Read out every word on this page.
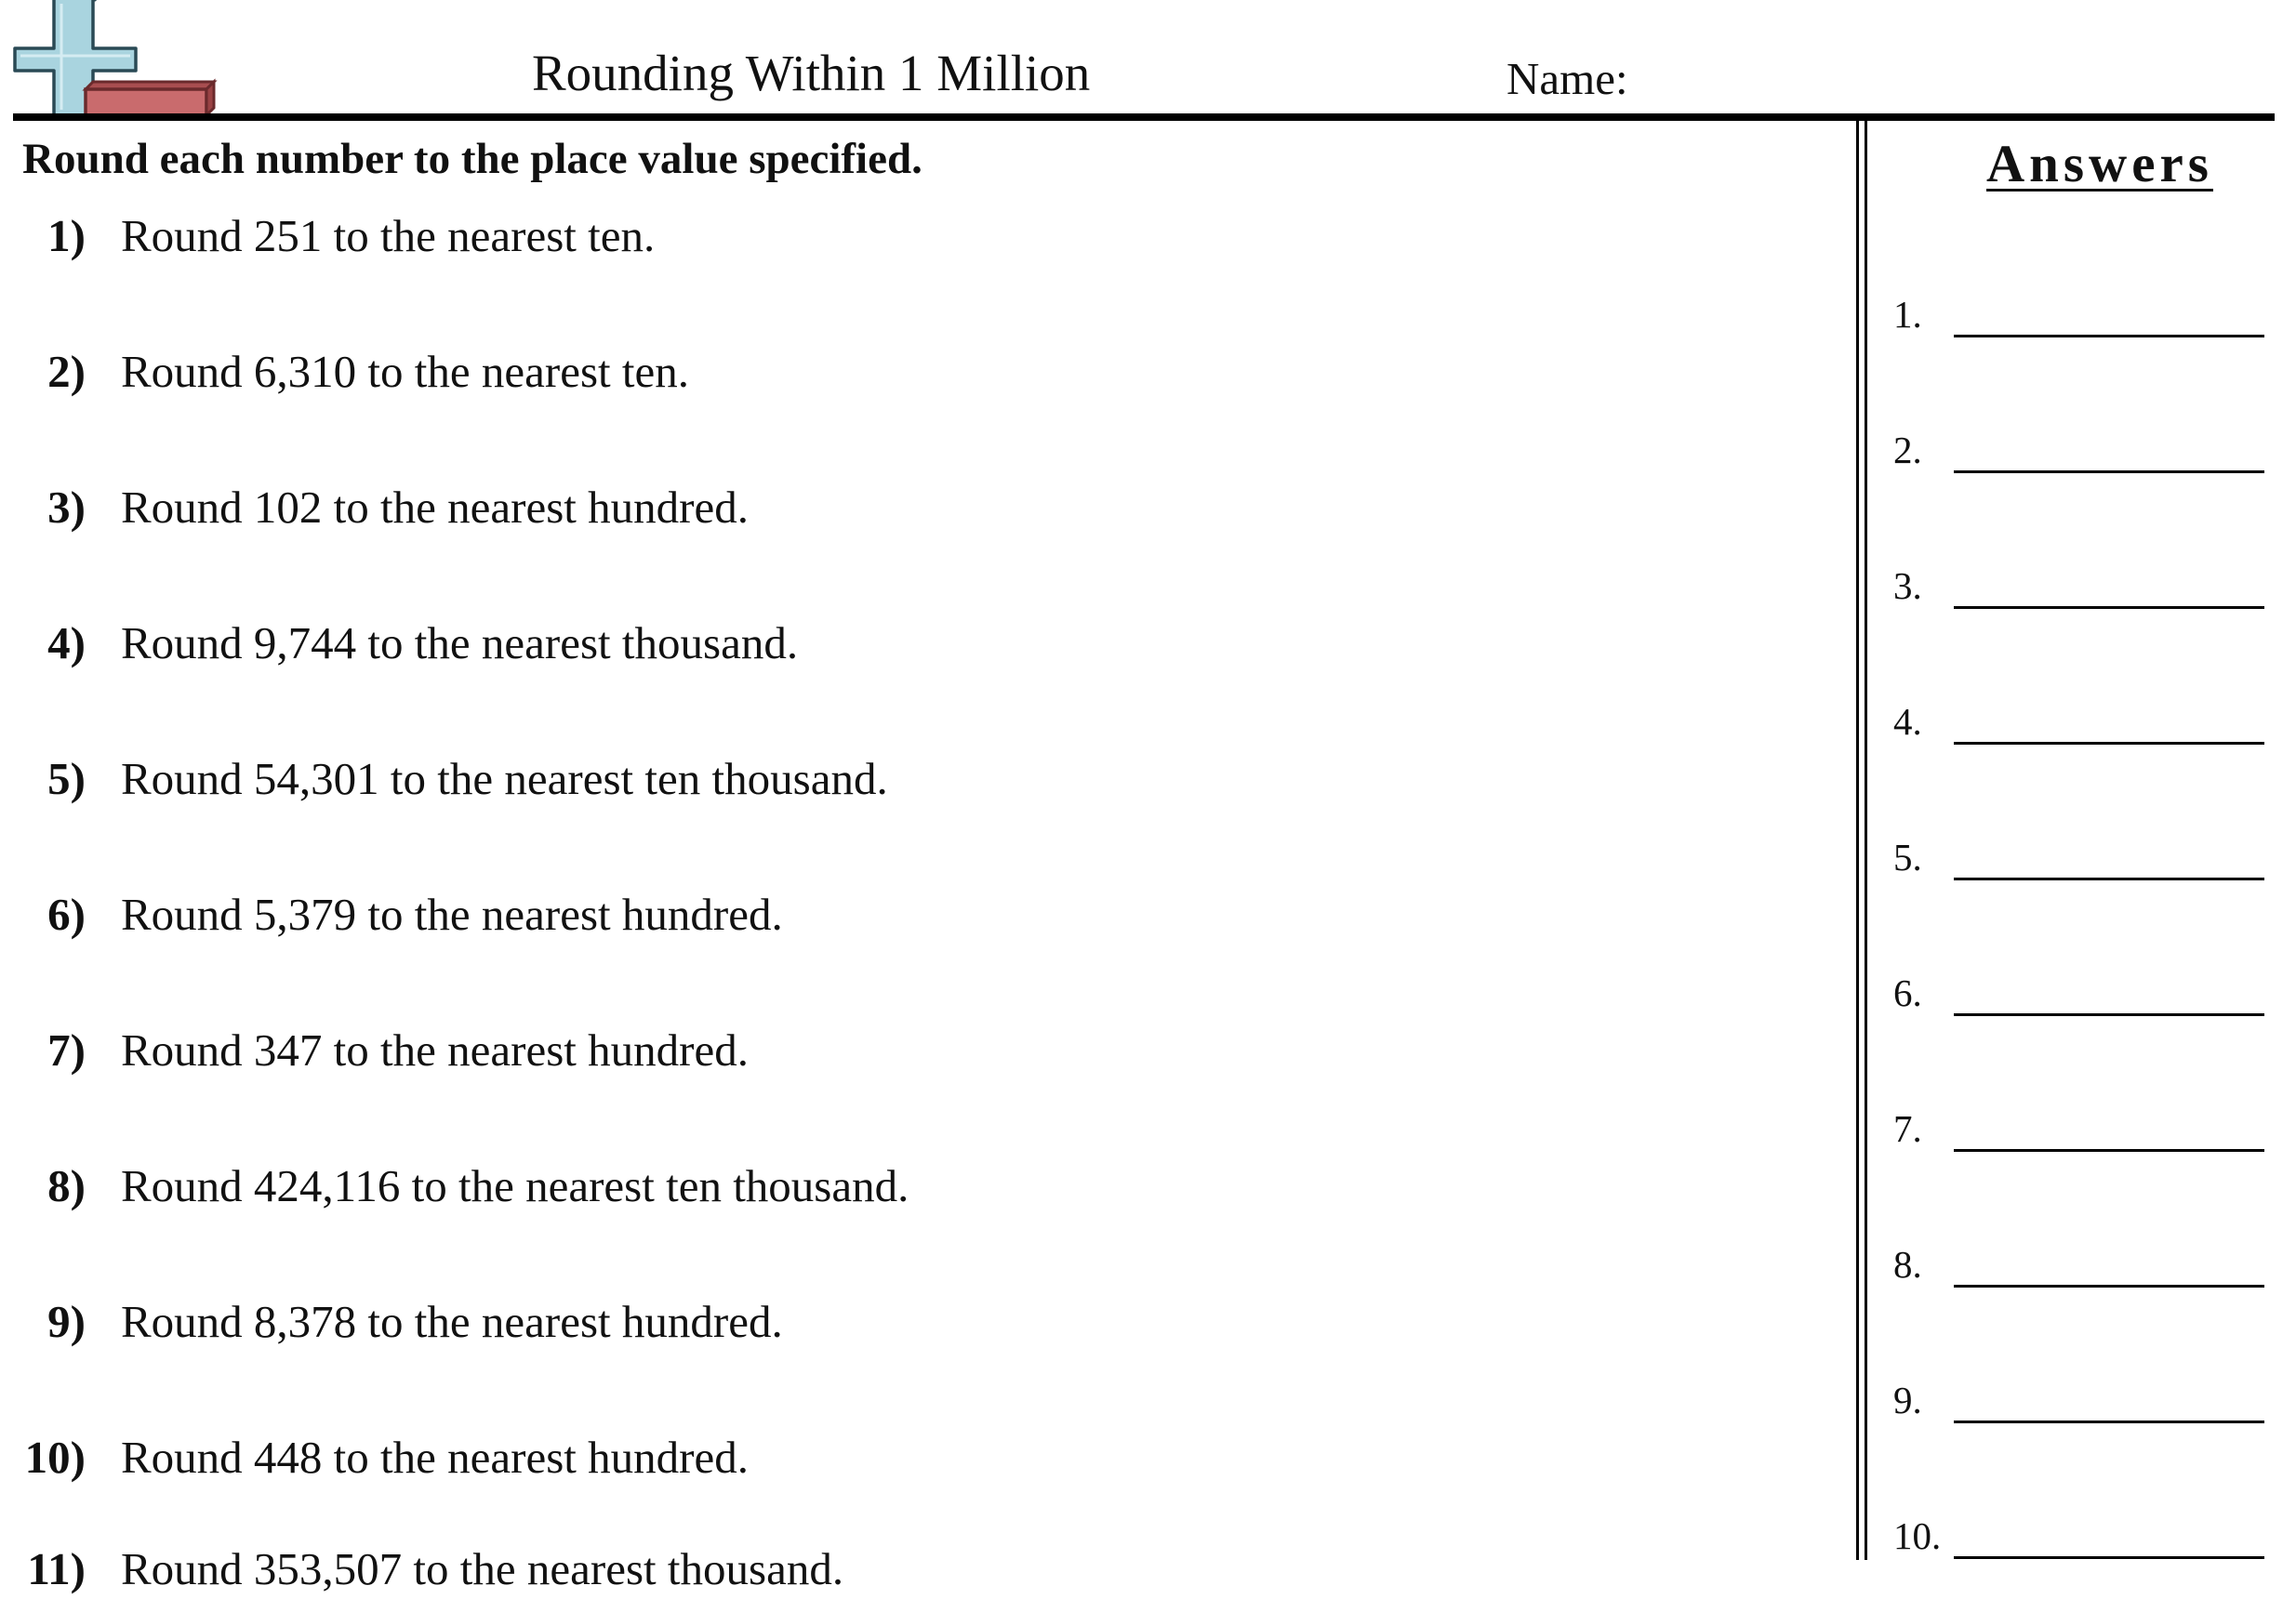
Rounding Within 1 Million	Name:
Round each number to the place value specified.
1) Round 251 to the nearest ten.
2) Round 6,310 to the nearest ten.
3) Round 102 to the nearest hundred.
4) Round 9,744 to the nearest thousand.
5) Round 54,301 to the nearest ten thousand.
6) Round 5,379 to the nearest hundred.
7) Round 347 to the nearest hundred.
8) Round 424,116 to the nearest ten thousand.
9) Round 8,378 to the nearest hundred.
10) Round 448 to the nearest hundred.
11) Round 353,507 to the nearest thousand.
Answers
1.
2.
3.
4.
5.
6.
7.
8.
9.
10.
